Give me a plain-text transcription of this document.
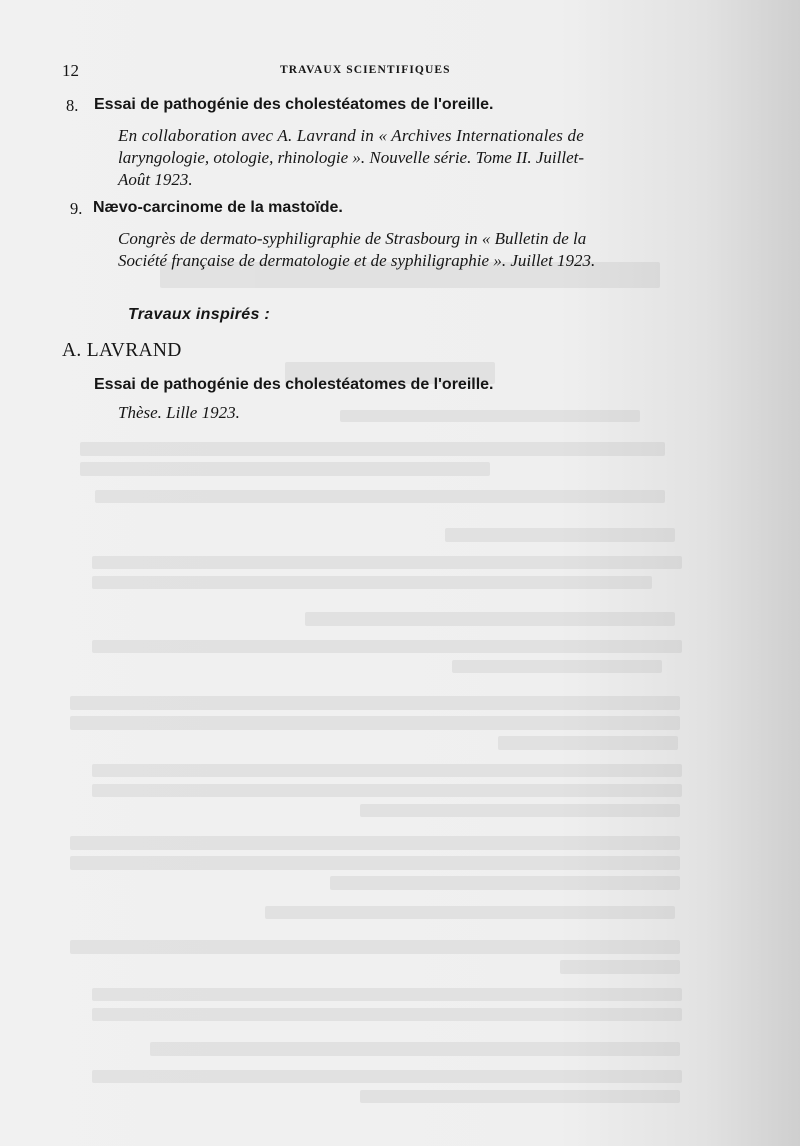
12	TRAVAUX SCIENTIFIQUES
8. Essai de pathogénie des cholestéatomes de l'oreille.
En collaboration avec A. Lavrand in « Archives Internationales de
laryngologie, otologie, rhinologie ». Nouvelle série. Tome II. Juillet-
Août 1923.
9. Nævo-carcinome de la mastoïde.
Congrès de dermato-syphiligraphie de Strasbourg in « Bulletin de la
Société française de dermatologie et de syphiligraphie ». Juillet 1923.
Travaux inspirés :
A. LAVRAND
Essai de pathogénie des cholestéatomes de l'oreille.
Thèse. Lille 1923.
